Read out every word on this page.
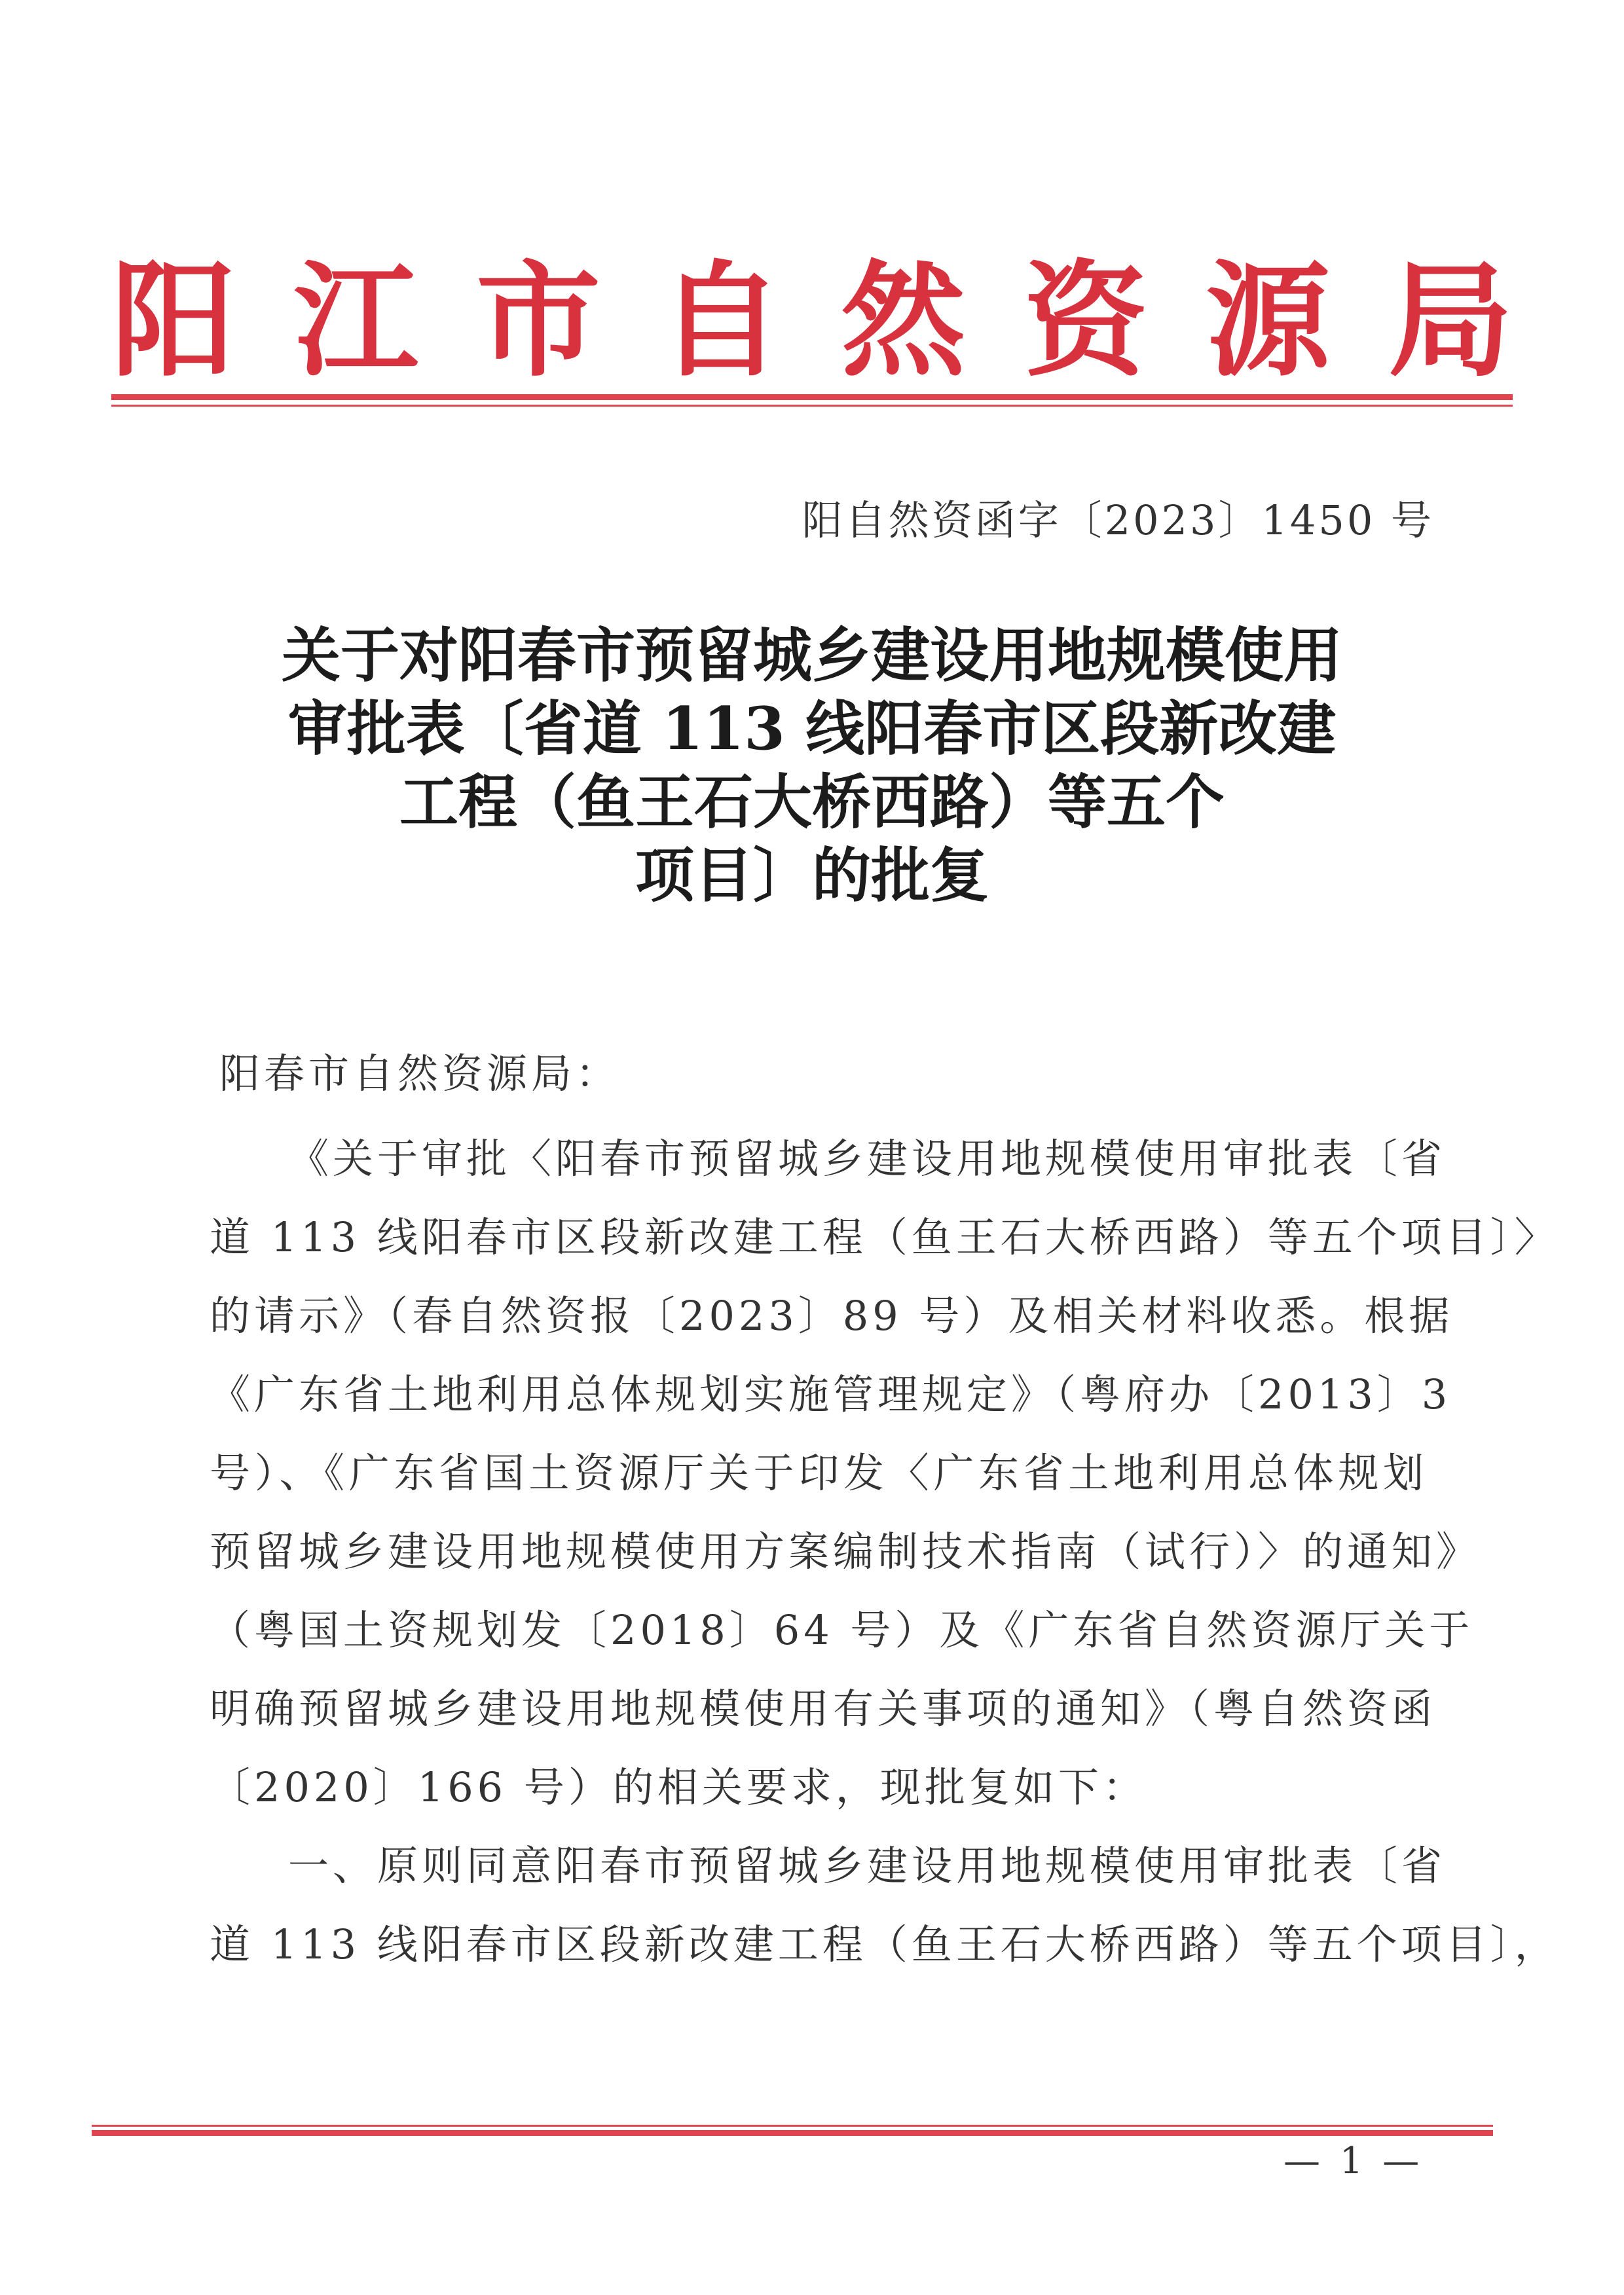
阳 江 市 自 然 资 源 局
阳自然资函字〔2023〕1450 号
关于对阳春市预留城乡建设用地规模使用
审批表〔省道 113 线阳春市区段新改建
工程（鱼王石大桥西路）等五个
项目〕的批复
阳春市自然资源局：
《关于审批〈阳春市预留城乡建设用地规模使用审批表〔省
道 113 线阳春市区段新改建工程（鱼王石大桥西路）等五个项目〕〉
的请示》（春自然资报〔2023〕89 号）及相关材料收悉。根据
《广东省土地利用总体规划实施管理规定》（粤府办〔2013〕3
号）、《广东省国土资源厅关于印发〈广东省土地利用总体规划
预留城乡建设用地规模使用方案编制技术指南（试行）〉的通知》
（粤国土资规划发〔2018〕64 号）及《广东省自然资源厅关于
明确预留城乡建设用地规模使用有关事项的通知》（粤自然资函
〔2020〕166 号）的相关要求，现批复如下：
一、原则同意阳春市预留城乡建设用地规模使用审批表〔省
道 113 线阳春市区段新改建工程（鱼王石大桥西路）等五个项目〕，
— 1 —
